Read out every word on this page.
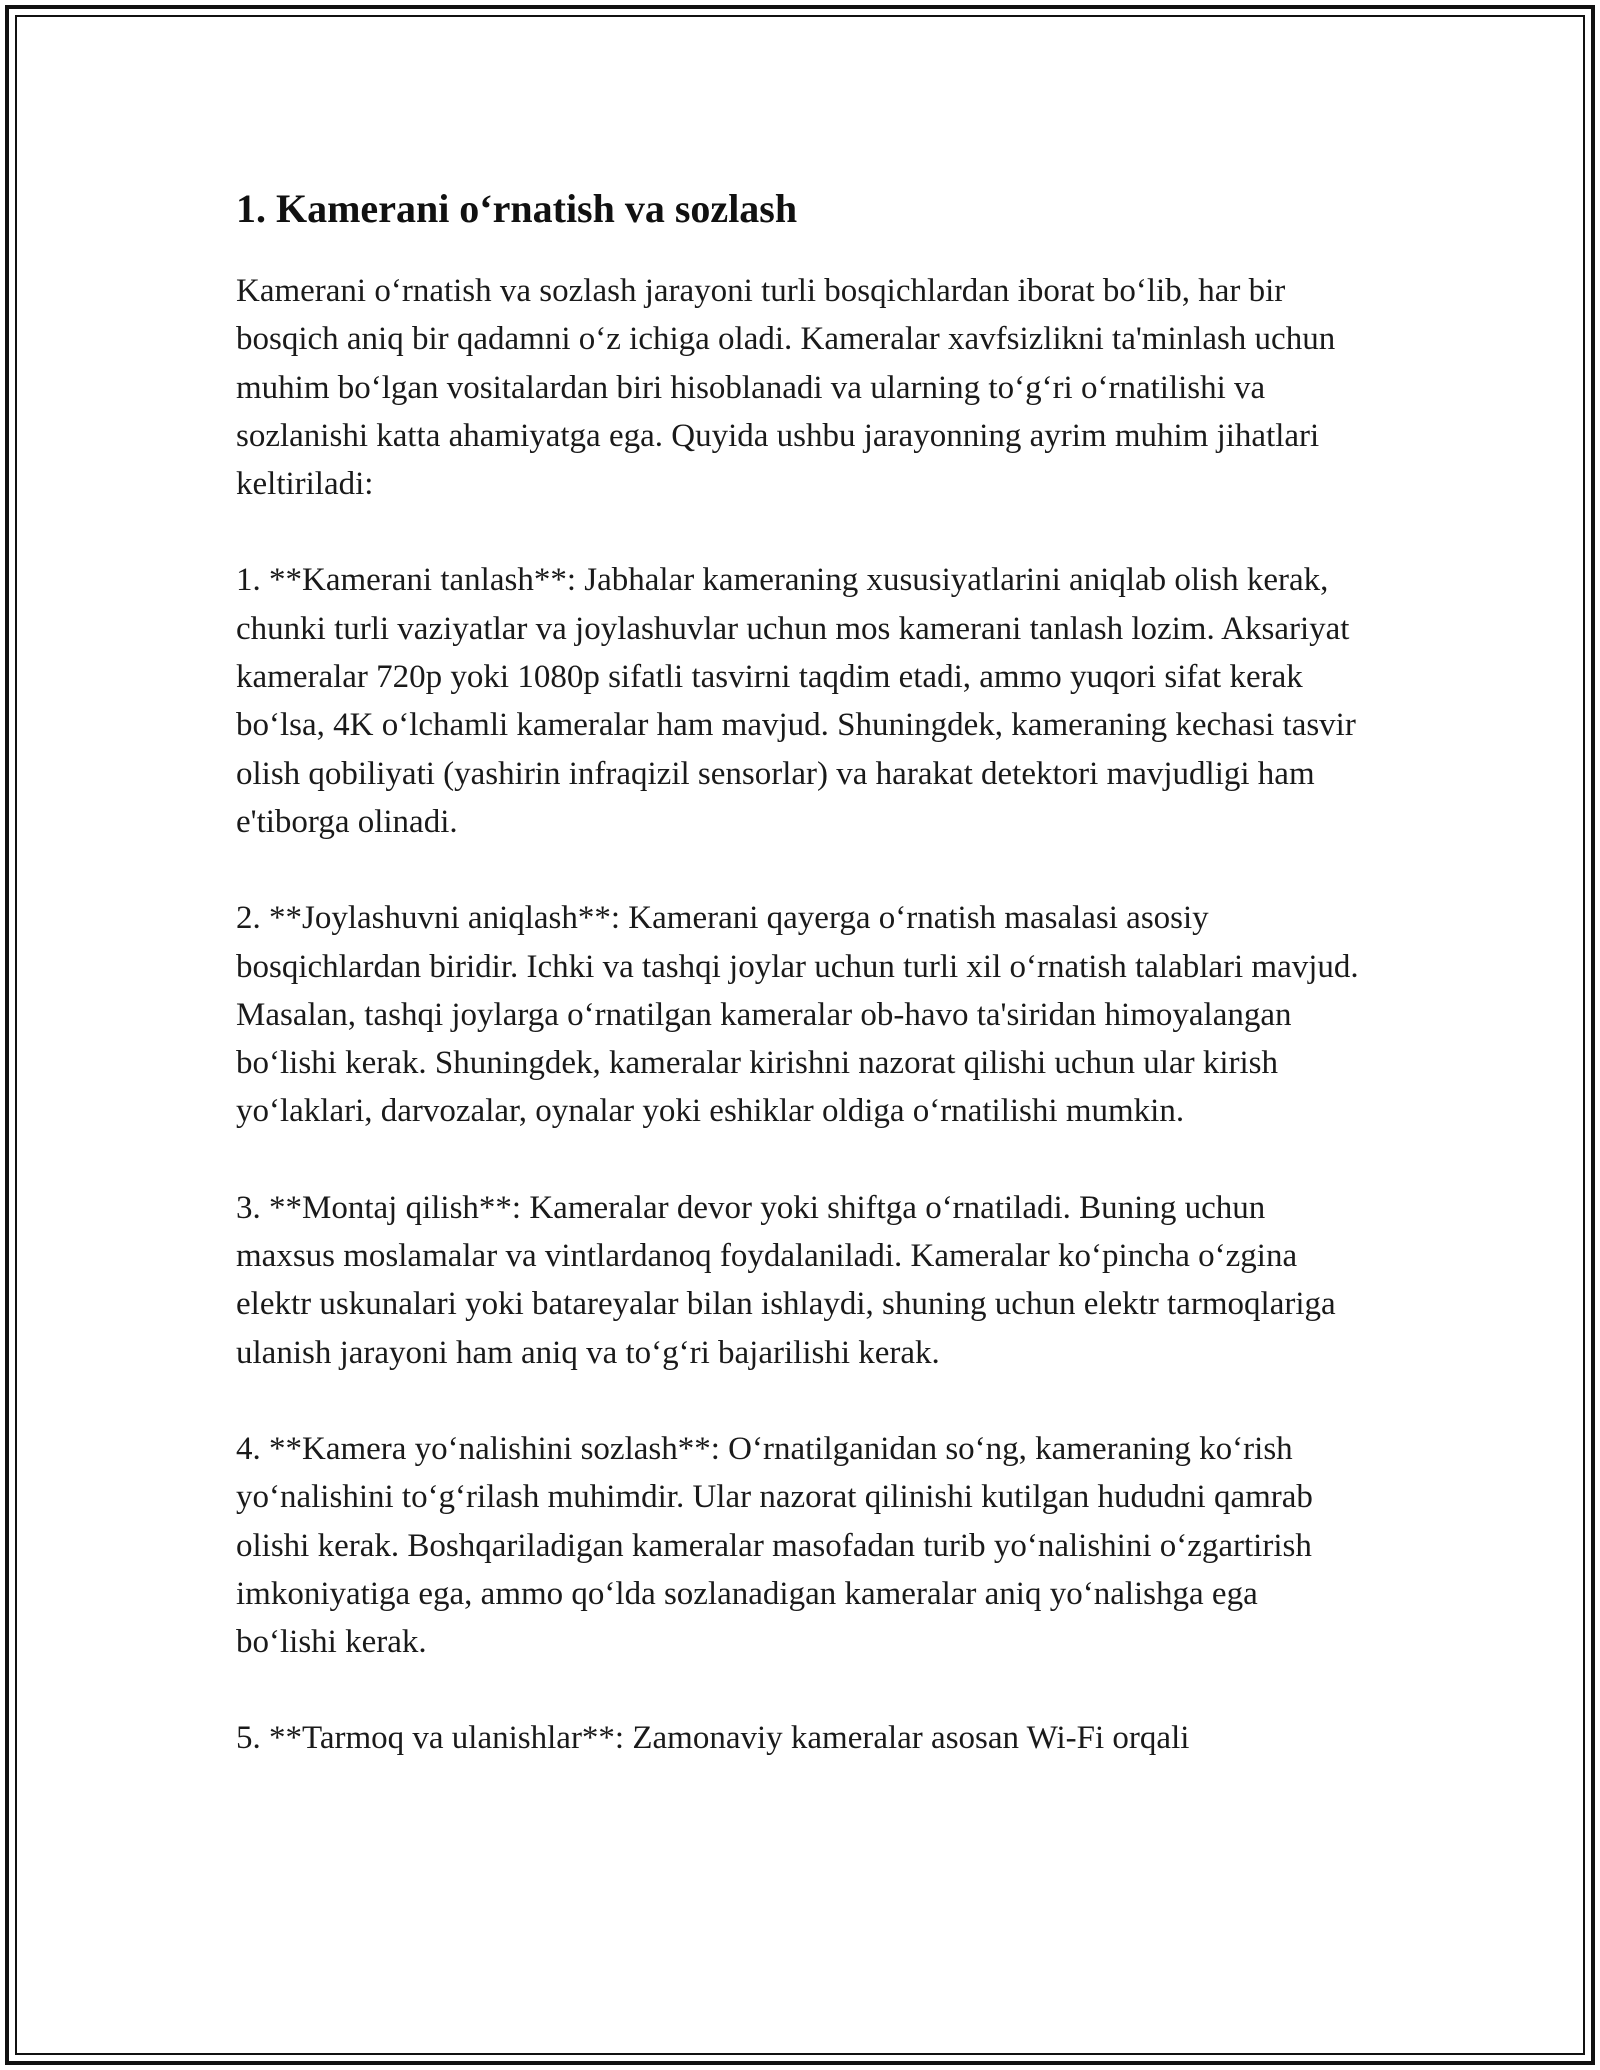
1. Kamerani o‘rnatish va sozlash

Kamerani o‘rnatish va sozlash jarayoni turli bosqichlardan iborat bo‘lib, har bir bosqich aniq bir qadamni o‘z ichiga oladi. Kameralar xavfsizlikni ta'minlash uchun muhim bo‘lgan vositalardan biri hisoblanadi va ularning to‘g‘ri o‘rnatilishi va sozlanishi katta ahamiyatga ega. Quyida ushbu jarayonning ayrim muhim jihatlari keltiriladi:

1. **Kamerani tanlash**: Jabhalar kameraning xususiyatlarini aniqlab olish kerak, chunki turli vaziyatlar va joylashuvlar uchun mos kamerani tanlash lozim. Aksariyat kameralar 720p yoki 1080p sifatli tasvirni taqdim etadi, ammo yuqori sifat kerak bo‘lsa, 4K o‘lchamli kameralar ham mavjud. Shuningdek, kameraning kechasi tasvir olish qobiliyati (yashirin infraqizil sensorlar) va harakat detektori mavjudligi ham e'tiborga olinadi.

2. **Joylashuvni aniqlash**: Kamerani qayerga o‘rnatish masalasi asosiy bosqichlardan biridir. Ichki va tashqi joylar uchun turli xil o‘rnatish talablari mavjud. Masalan, tashqi joylarga o‘rnatilgan kameralar ob-havo ta'siridan himoyalangan bo‘lishi kerak. Shuningdek, kameralar kirishni nazorat qilishi uchun ular kirish yo‘laklari, darvozalar, oynalar yoki eshiklar oldiga o‘rnatilishi mumkin.

3. **Montaj qilish**: Kameralar devor yoki shiftga o‘rnatiladi. Buning uchun maxsus moslamalar va vintlardanoq foydalaniladi. Kameralar ko‘pincha o‘zgina elektr uskunalari yoki batareyalar bilan ishlaydi, shuning uchun elektr tarmoqlariga ulanish jarayoni ham aniq va to‘g‘ri bajarilishi kerak.

4. **Kamera yo‘nalishini sozlash**: O‘rnatilganidan so‘ng, kameraning ko‘rish yo‘nalishini to‘g‘rilash muhimdir. Ular nazorat qilinishi kutilgan hududni qamrab olishi kerak. Boshqariladigan kameralar masofadan turib yo‘nalishini o‘zgartirish imkoniyatiga ega, ammo qo‘lda sozlanadigan kameralar aniq yo‘nalishga ega bo‘lishi kerak.

5. **Tarmoq va ulanishlar**: Zamonaviy kameralar asosan Wi-Fi orqali
